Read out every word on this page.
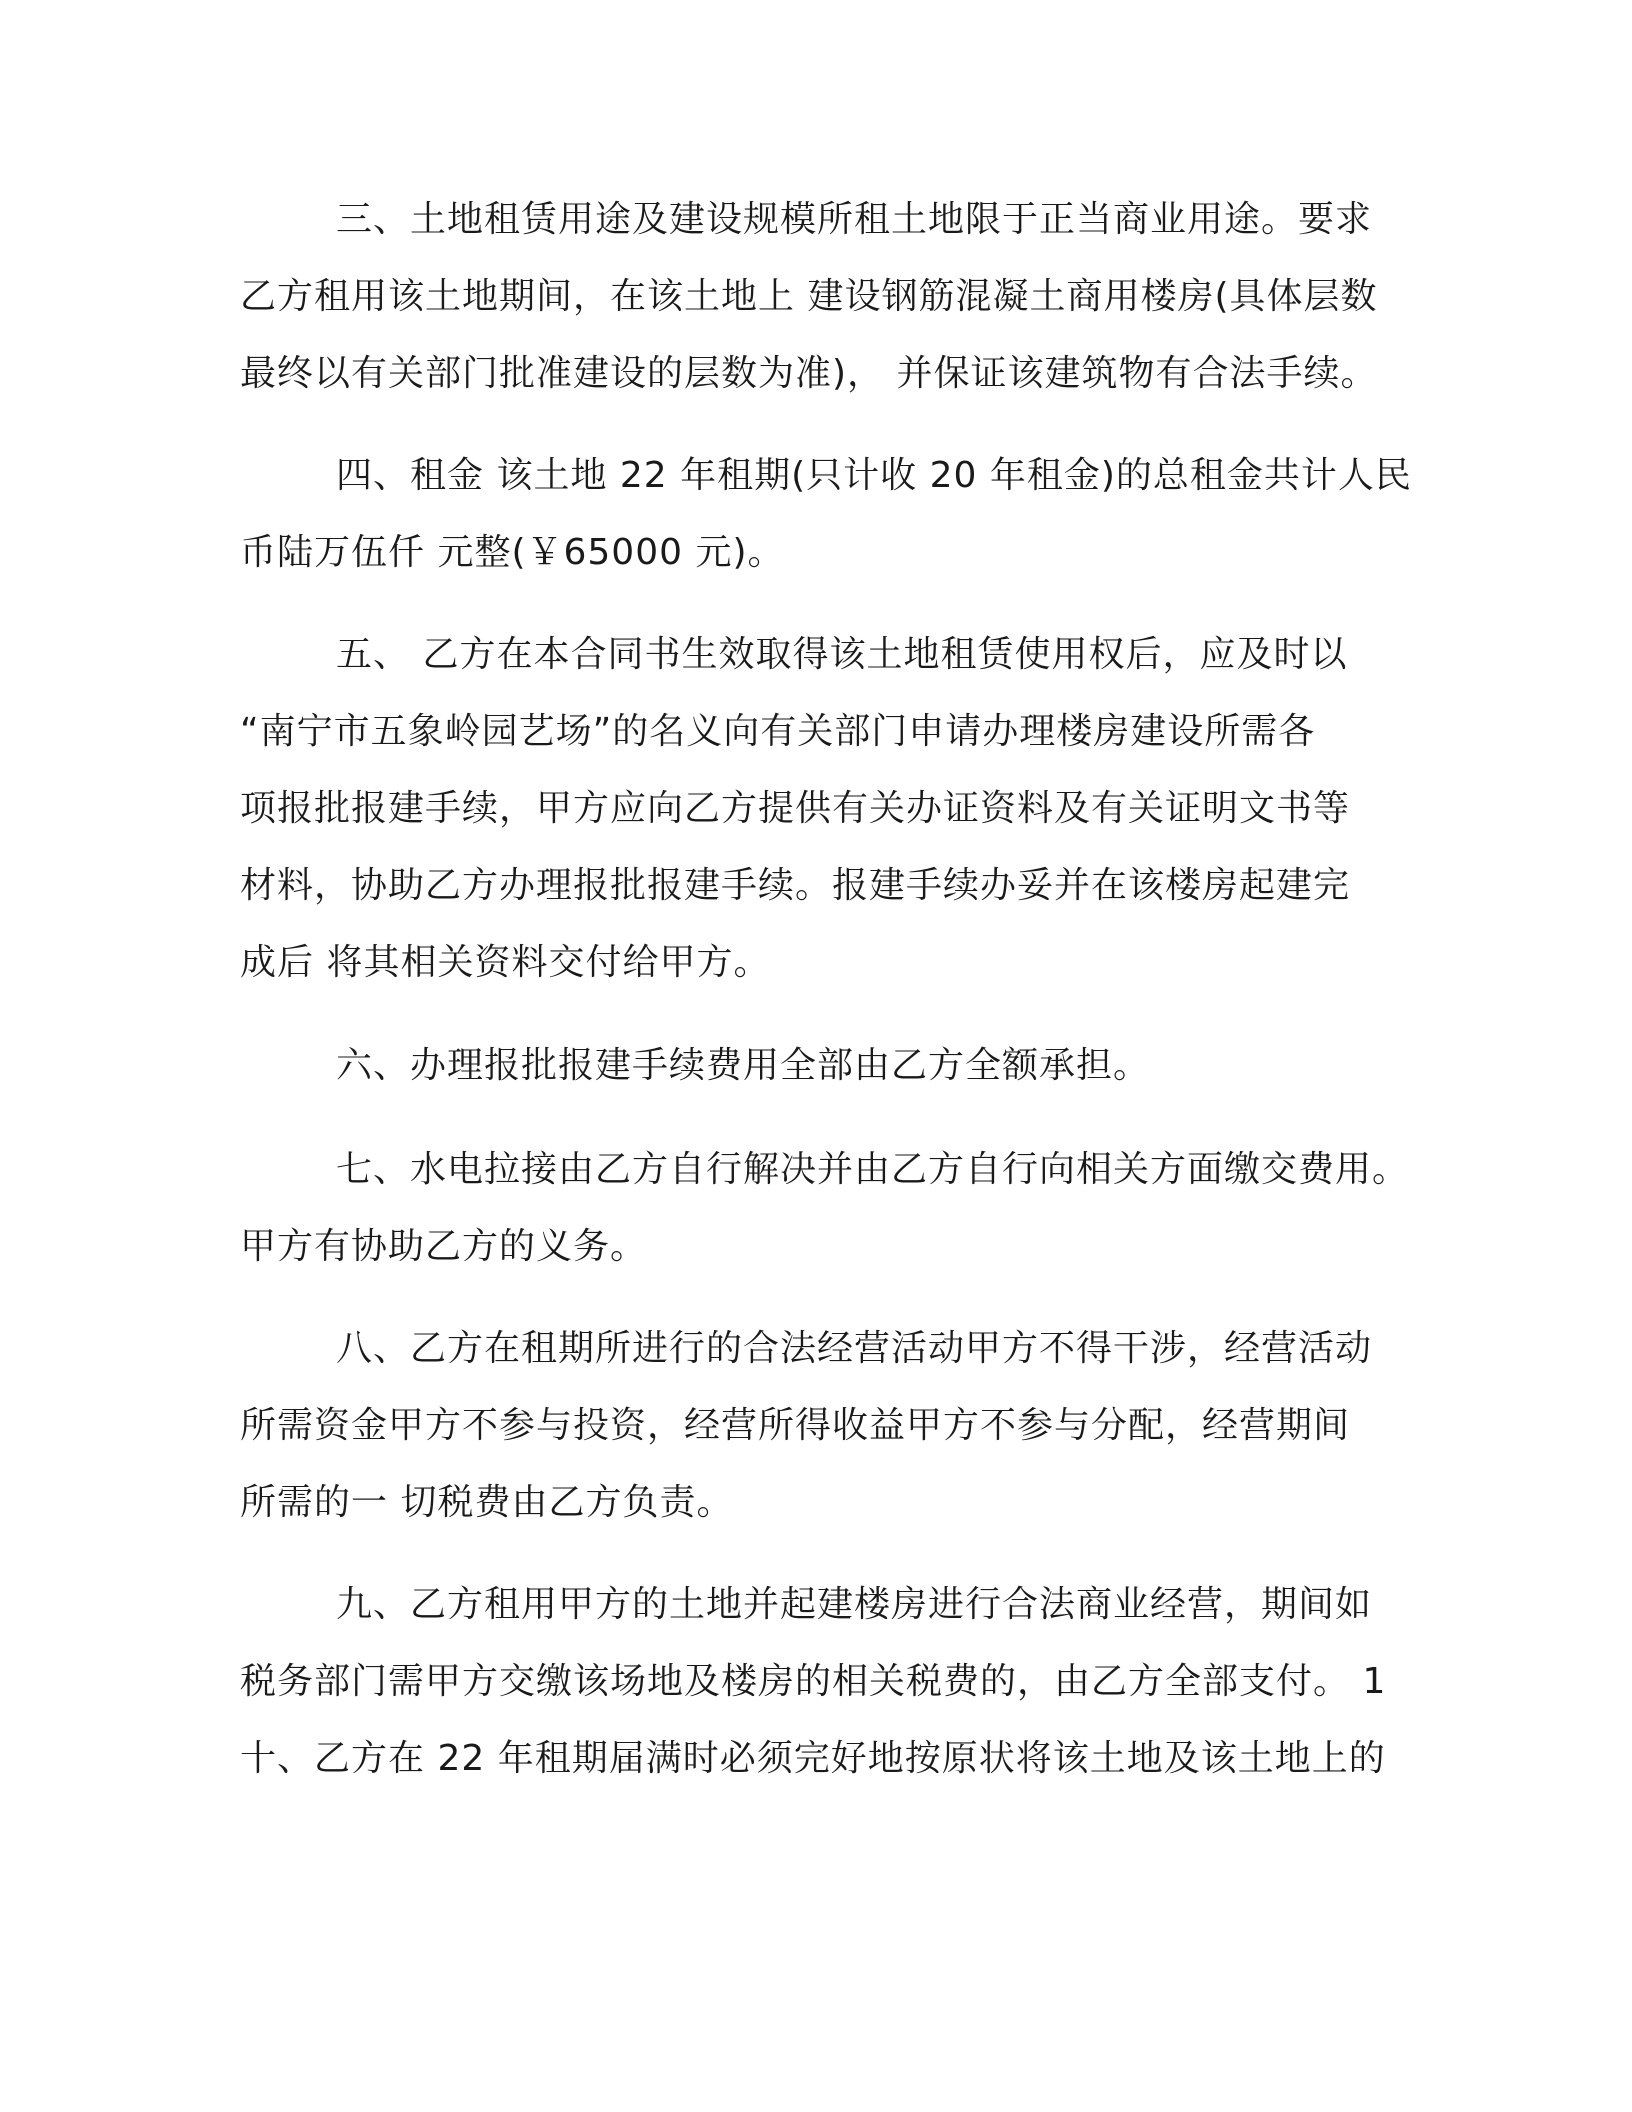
三、土地租赁用途及建设规模所租土地限于正当商业用途。要求
乙方租用该土地期间，在该土地上 建设钢筋混凝土商用楼房(具体层数
最终以有关部门批准建设的层数为准)， 并保证该建筑物有合法手续。

四、租金 该土地 22 年租期(只计收 20 年租金)的总租金共计人民
币陆万伍仟 元整(￥65000 元)。

五、 乙方在本合同书生效取得该土地租赁使用权后，应及时以
“南宁市五象岭园艺场”的名义向有关部门申请办理楼房建设所需各
项报批报建手续，甲方应向乙方提供有关办证资料及有关证明文书等
材料，协助乙方办理报批报建手续。报建手续办妥并在该楼房起建完
成后 将其相关资料交付给甲方。

六、办理报批报建手续费用全部由乙方全额承担。

七、水电拉接由乙方自行解决并由乙方自行向相关方面缴交费用。
甲方有协助乙方的义务。

八、乙方在租期所进行的合法经营活动甲方不得干涉，经营活动
所需资金甲方不参与投资，经营所得收益甲方不参与分配，经营期间
所需的一 切税费由乙方负责。

九、乙方租用甲方的土地并起建楼房进行合法商业经营，期间如
税务部门需甲方交缴该场地及楼房的相关税费的，由乙方全部支付。 1
十、乙方在 22 年租期届满时必须完好地按原状将该土地及该土地上的
